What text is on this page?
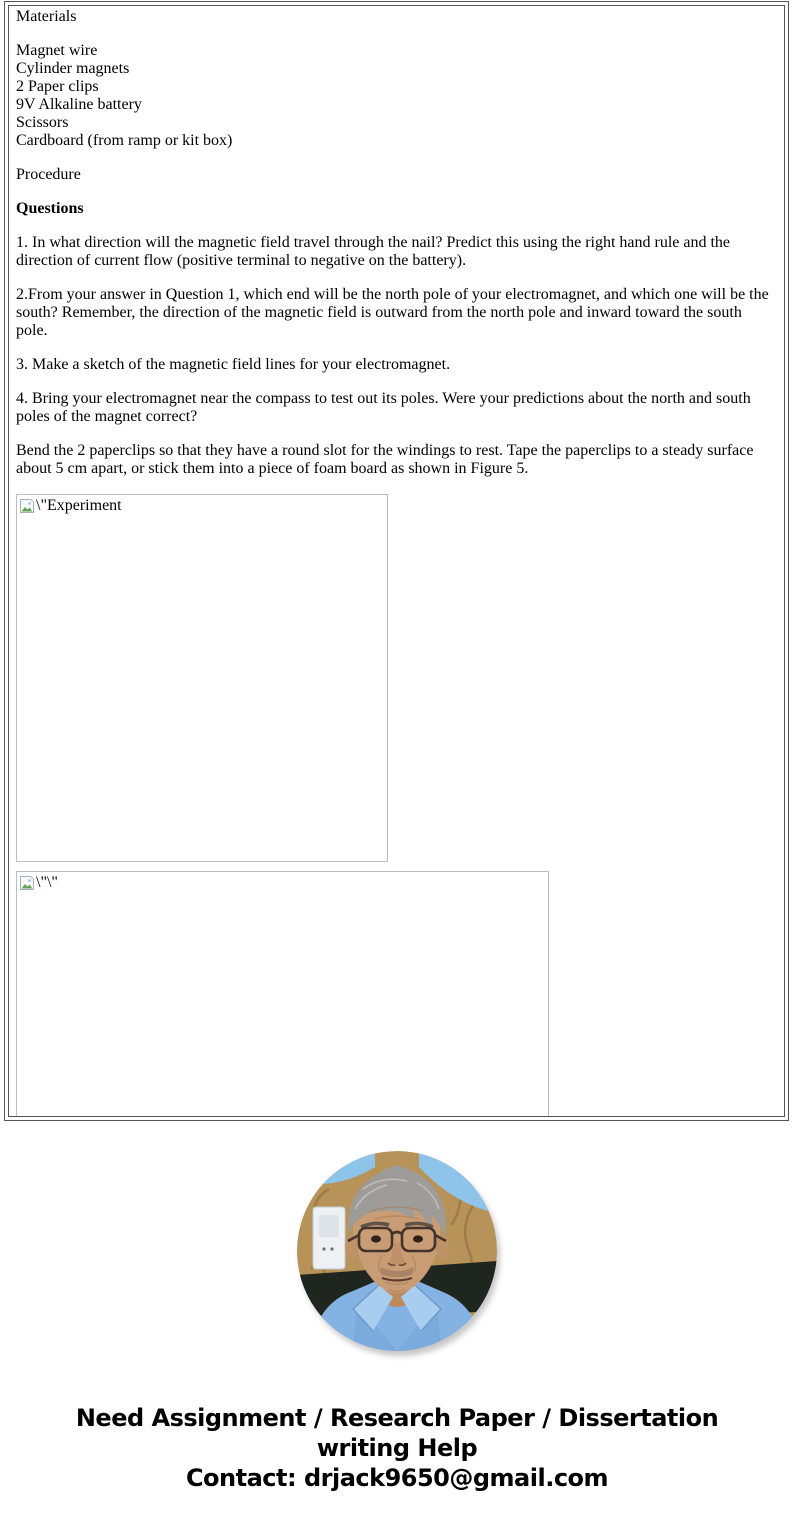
Materials

Magnet wire
Cylinder magnets
2 Paper clips
9V Alkaline battery
Scissors
Cardboard (from ramp or kit box)

Procedure

Questions

1. In what direction will the magnetic field travel through the nail? Predict this using the right hand rule and the direction of current flow (positive terminal to negative on the battery).

2.From your answer in Question 1, which end will be the north pole of your electromagnet, and which one will be the south? Remember, the direction of the magnetic field is outward from the north pole and inward toward the south pole.

3. Make a sketch of the magnetic field lines for your electromagnet.

4. Bring your electromagnet near the compass to test out its poles. Were your predictions about the north and south poles of the magnet correct?

Bend the 2 paperclips so that they have a round slot for the windings to rest. Tape the paperclips to a steady surface about 5 cm apart, or stick them into a piece of foam board as shown in Figure 5.

\"Experiment
\"\"
Need Assignment / Research Paper / Dissertation writing Help
Contact: drjack9650@gmail.com
